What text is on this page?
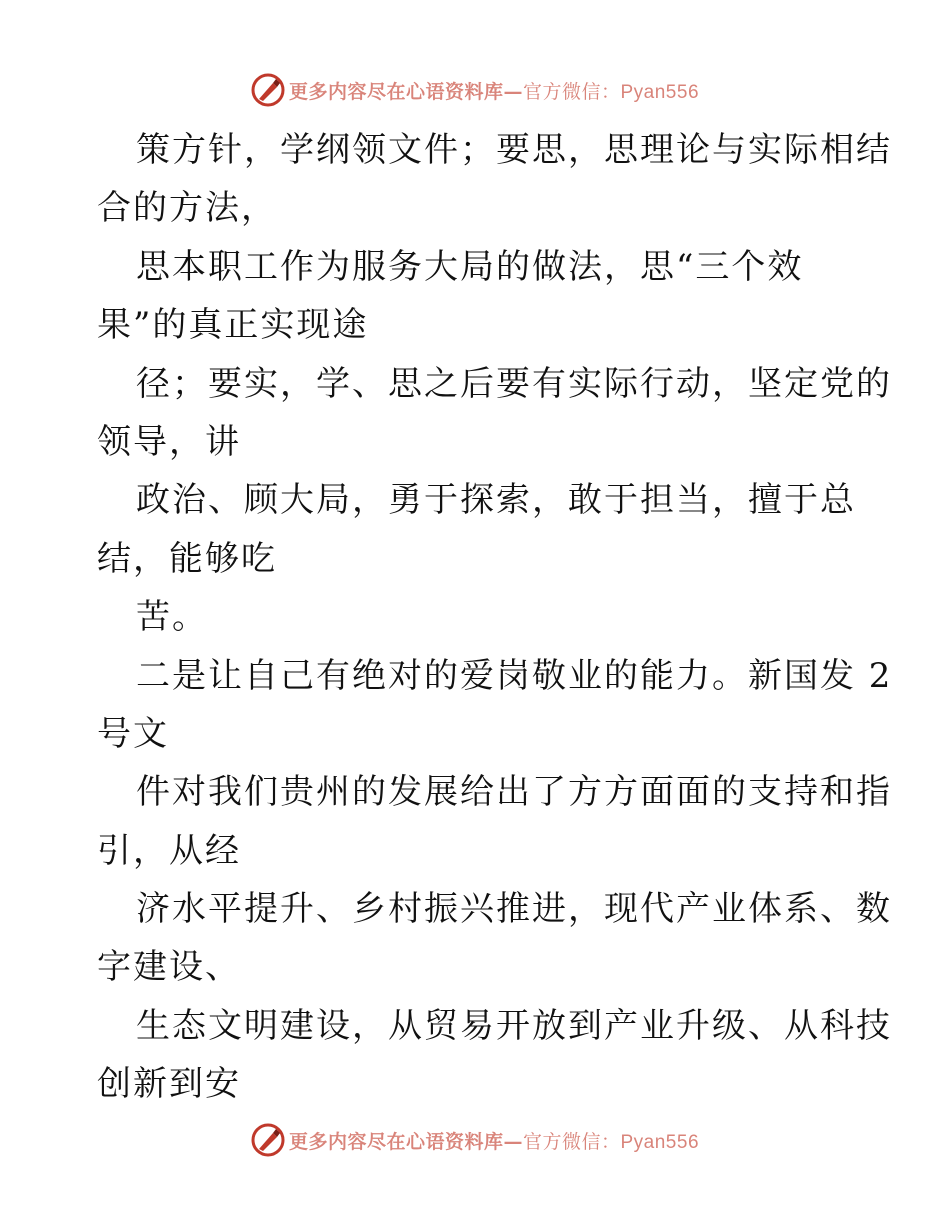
更多内容尽在心语资料库—官方微信：Pyan556
策方针，学纲领文件；要思，思理论与实际相结
合的方法，
思本职工作为服务大局的做法，思“三个效
果”的真正实现途
径；要实，学、思之后要有实际行动，坚定党的
领导，讲
政治、顾大局，勇于探索，敢于担当，擅于总
结，能够吃
苦。
二是让自己有绝对的爱岗敬业的能力。新国发 2
号文
件对我们贵州的发展给出了方方面面的支持和指
引，从经
济水平提升、乡村振兴推进，现代产业体系、数
字建设、
生态文明建设，从贸易开放到产业升级、从科技
创新到安
更多内容尽在心语资料库—官方微信：Pyan556
